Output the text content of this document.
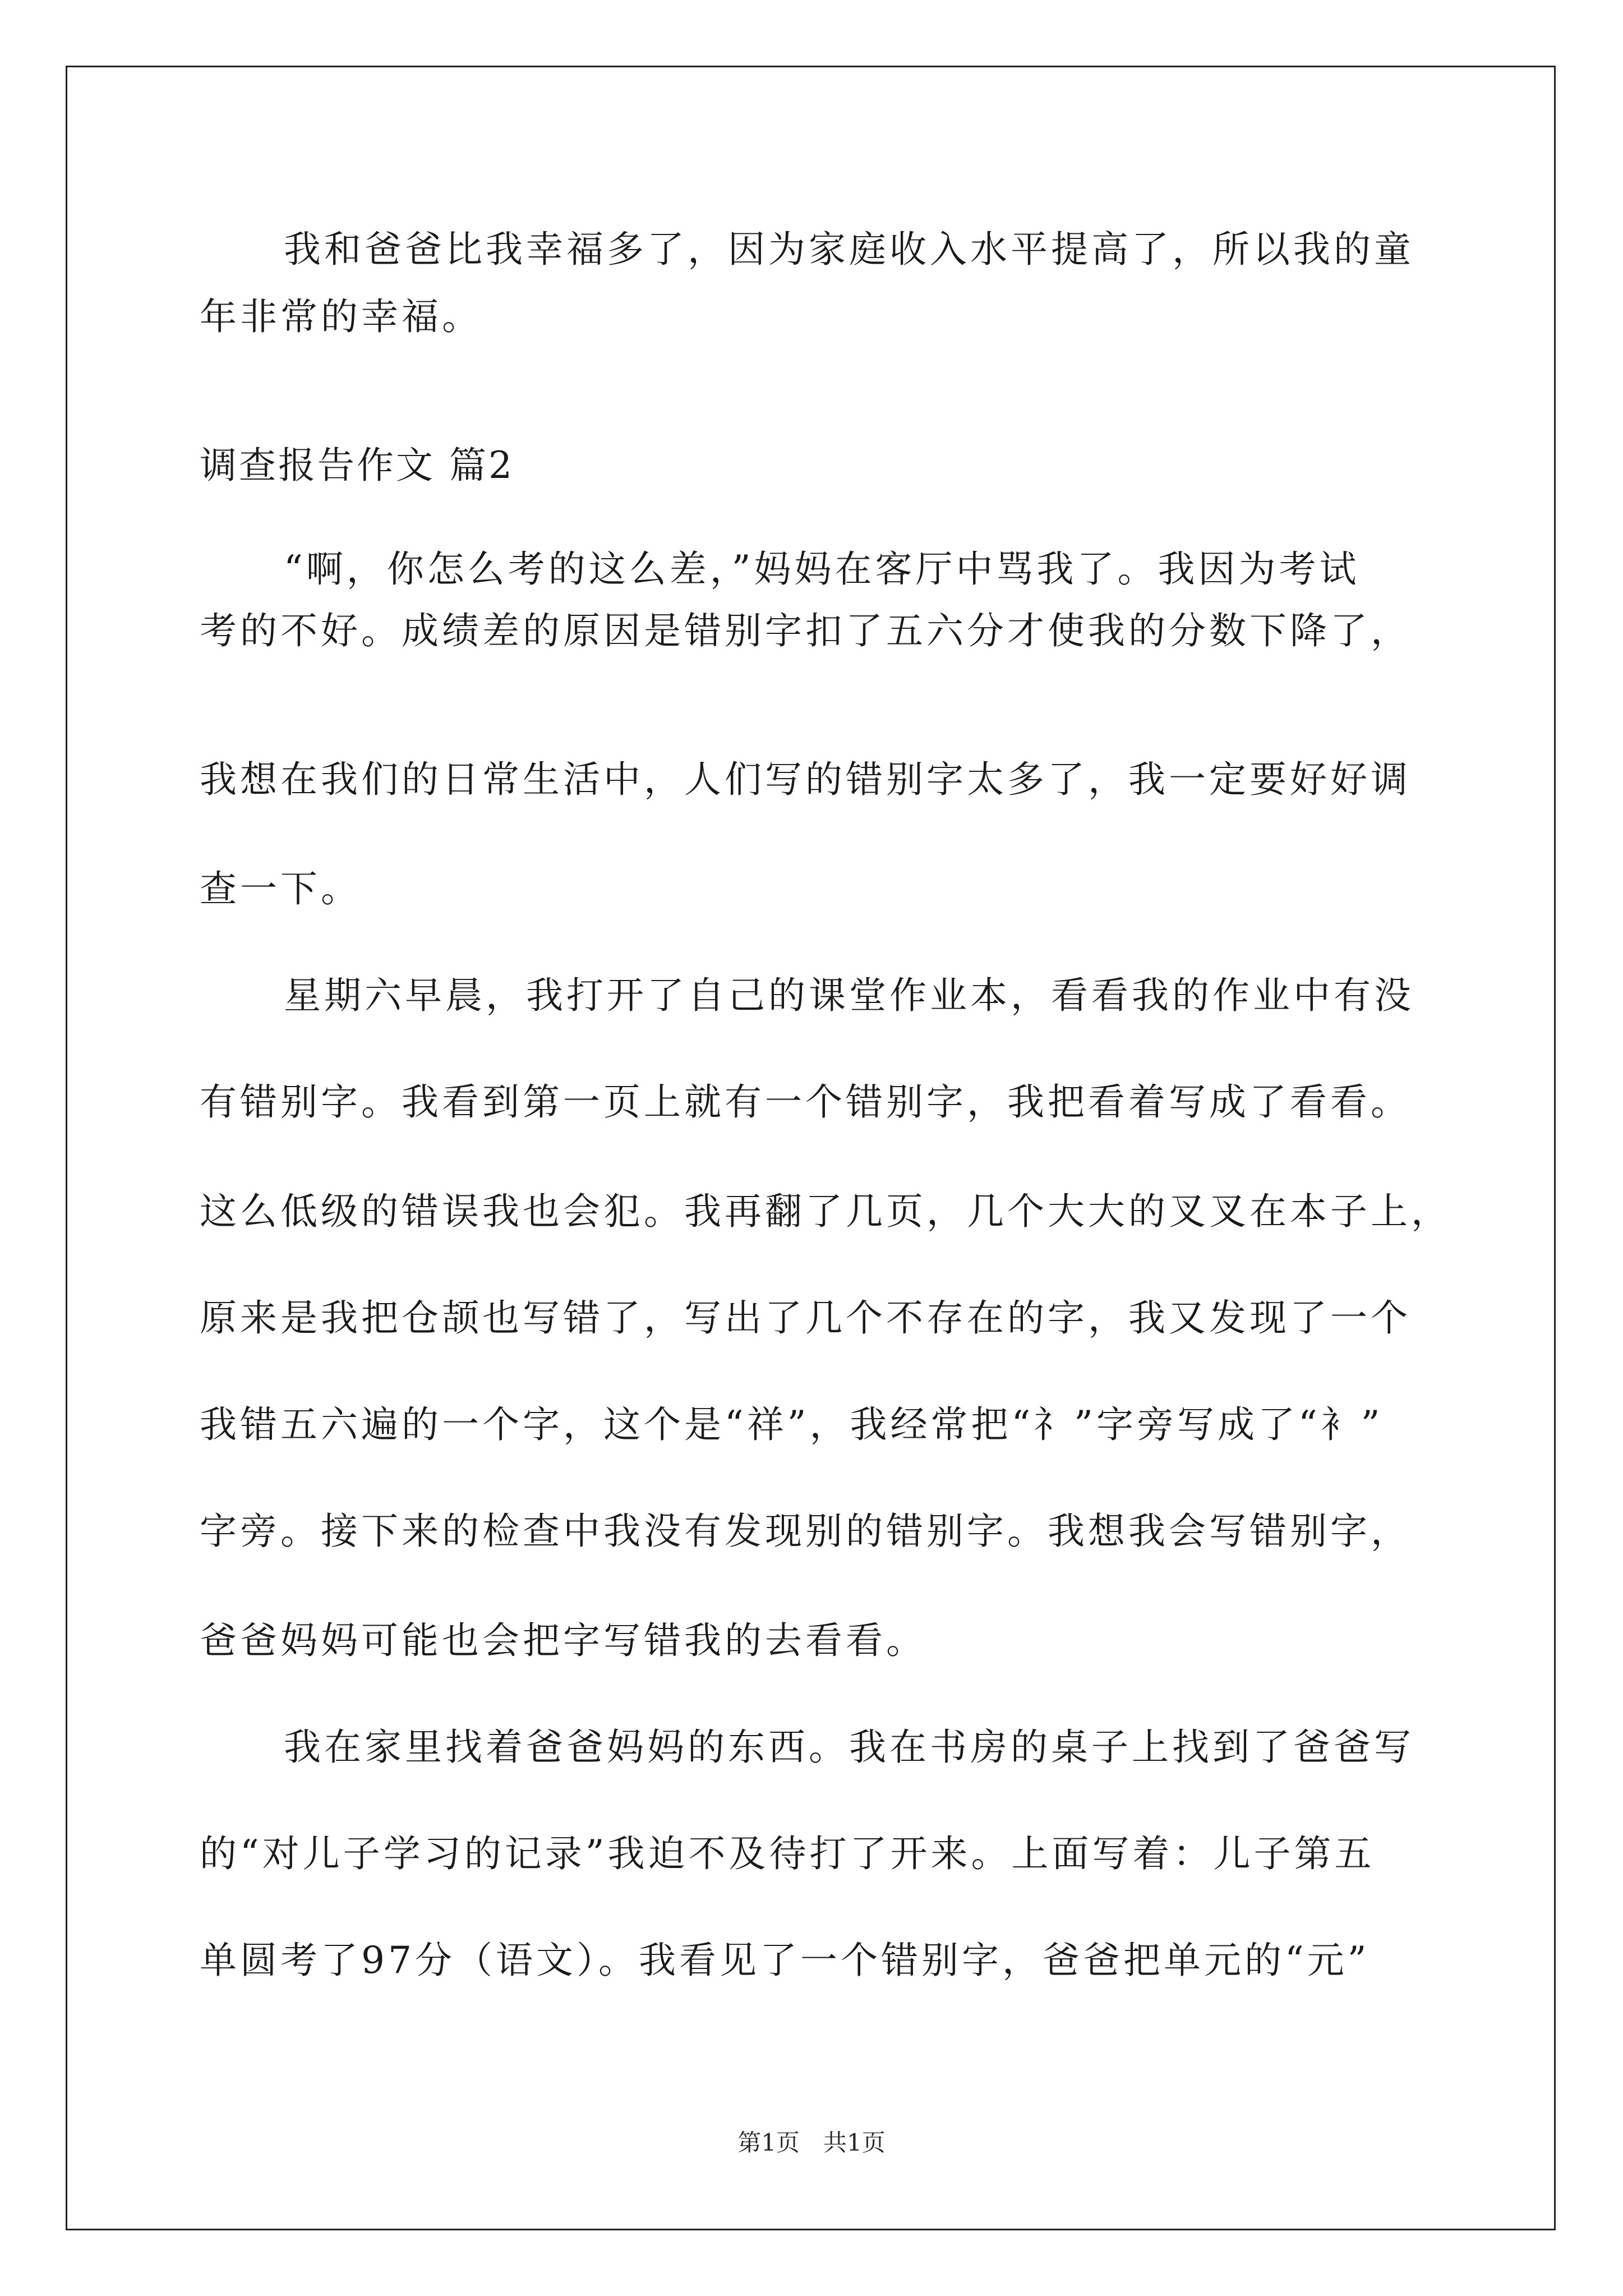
我和爸爸比我幸福多了，因为家庭收入水平提高了，所以我的童
年非常的幸福。
调查报告作文 篇2
“啊，你怎么考的这么差，”妈妈在客厅中骂我了。我因为考试
考的不好。成绩差的原因是错别字扣了五六分才使我的分数下降了，
我想在我们的日常生活中，人们写的错别字太多了，我一定要好好调
查一下。
星期六早晨，我打开了自己的课堂作业本，看看我的作业中有没
有错别字。我看到第一页上就有一个错别字，我把看着写成了看看。
这么低级的错误我也会犯。我再翻了几页，几个大大的叉叉在本子上，
原来是我把仓颉也写错了，写出了几个不存在的字，我又发现了一个
我错五六遍的一个字，这个是“祥”，我经常把“礻”字旁写成了“衤”
字旁。接下来的检查中我没有发现别的错别字。我想我会写错别字，
爸爸妈妈可能也会把字写错我的去看看。
我在家里找着爸爸妈妈的东西。我在书房的桌子上找到了爸爸写
的“对儿子学习的记录”我迫不及待打了开来。上面写着：儿子第五
单圆考了97分（语文）。我看见了一个错别字，爸爸把单元的“元”
第1页　共1页
